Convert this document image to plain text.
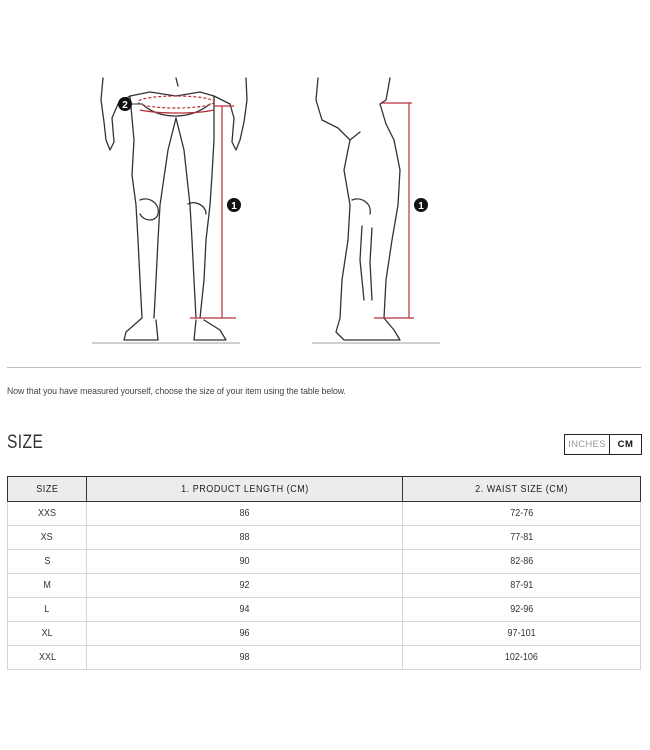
2
1	1
Now that you have measured yourself, choose the size of your item using the table below.
SIZE	INCHES	CM
SIZE	1. PRODUCT LENGTH (CM)	2. WAIST SIZE (CM)
XXS	86	72-76
XS	88	77-81
S	90	82-86
M	92	87-91
L	94	92-96
XL	96	97-101
XXL	98	102-106
